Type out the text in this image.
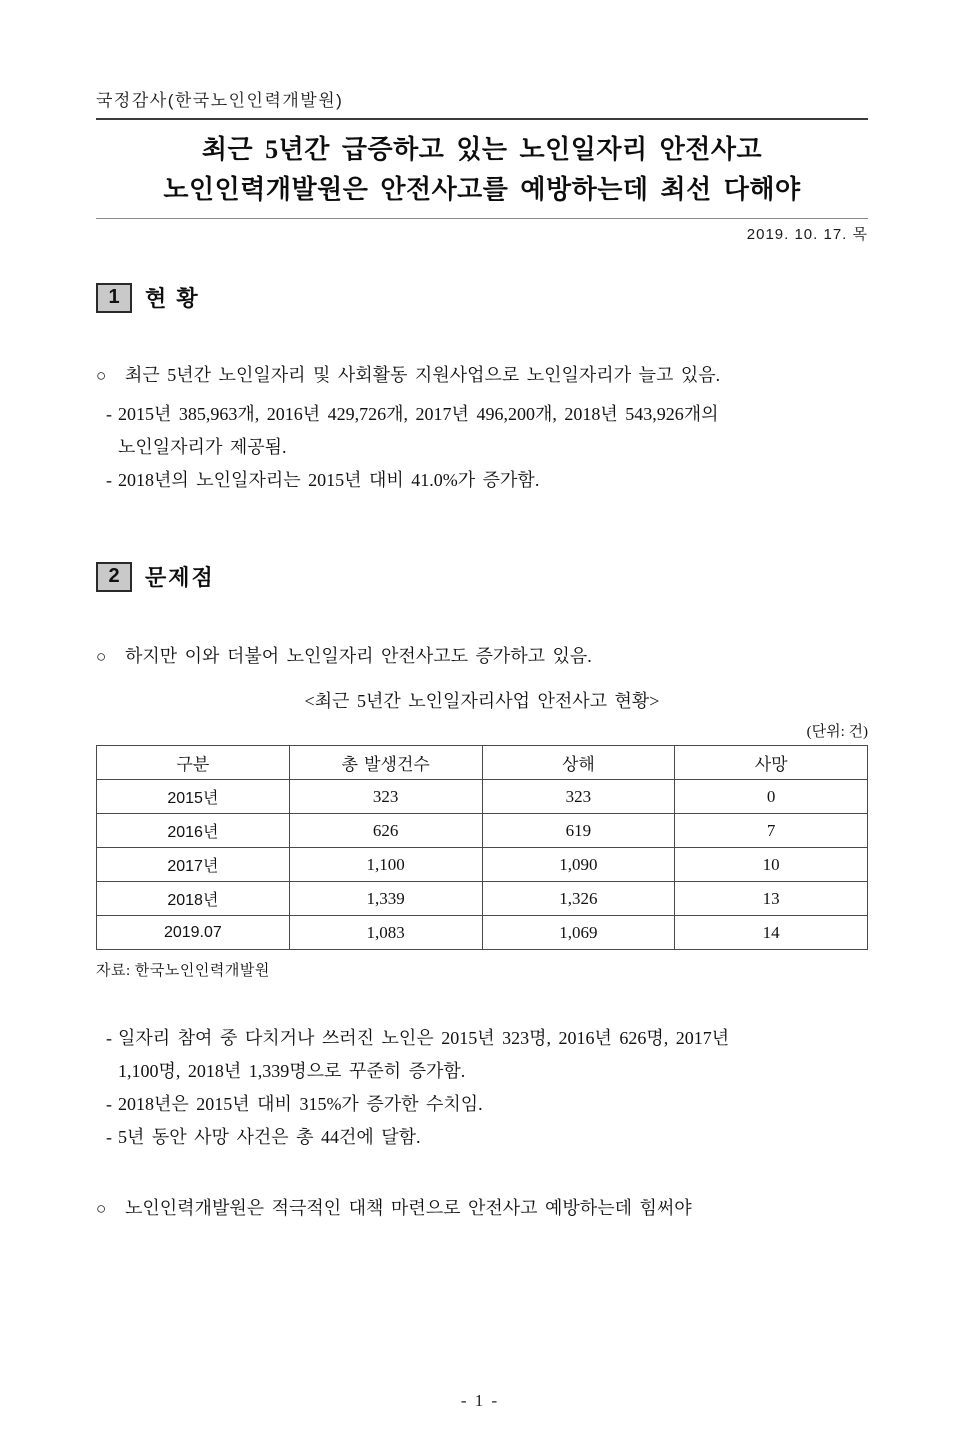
국정감사(한국노인인력개발원)
최근 5년간 급증하고 있는 노인일자리 안전사고
노인인력개발원은 안전사고를 예방하는데 최선 다해야
2019. 10. 17. 목
1	현 황
○	최근 5년간 노인일자리 및 사회활동 지원사업으로 노인일자리가 늘고 있음.
- 2015년 385,963개, 2016년 429,726개, 2017년 496,200개, 2018년 543,926개의
노인일자리가 제공됨.
- 2018년의 노인일자리는 2015년 대비 41.0%가 증가함.
2	문제점
○	하지만 이와 더불어 노인일자리 안전사고도 증가하고 있음.
<최근 5년간 노인일자리사업 안전사고 현황>
(단위: 건)
구분	총 발생건수	상해	사망
2015년	323	323	0
2016년	626	619	7
2017년	1,100	1,090	10
2018년	1,339	1,326	13
2019.07	1,083	1,069	14
자료: 한국노인인력개발원
- 일자리 참여 중 다치거나 쓰러진 노인은 2015년 323명, 2016년 626명, 2017년
1,100명, 2018년 1,339명으로 꾸준히 증가함.
- 2018년은 2015년 대비 315%가 증가한 수치임.
- 5년 동안 사망 사건은 총 44건에 달함.
○	노인인력개발원은 적극적인 대책 마련으로 안전사고 예방하는데 힘써야
- 1 -
